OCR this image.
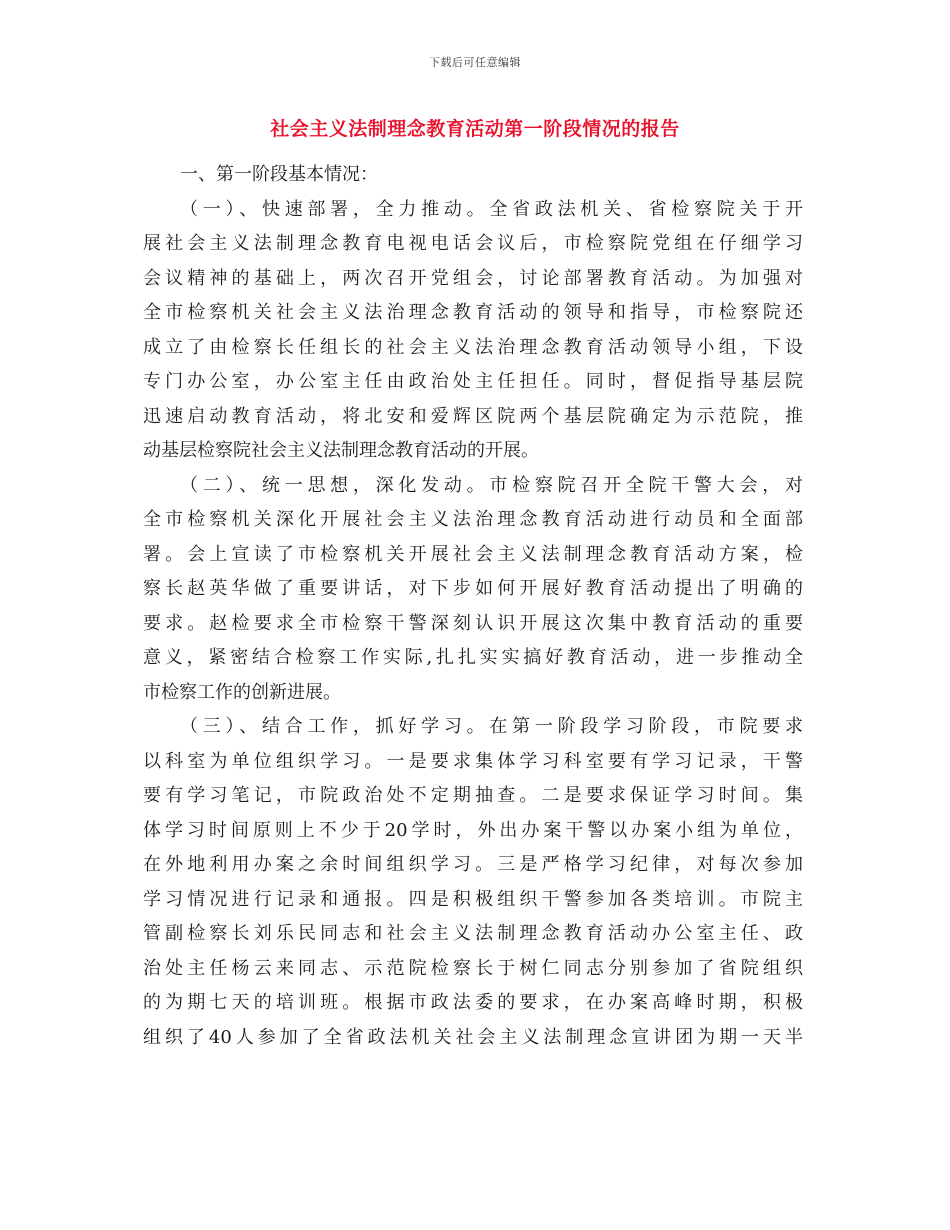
下载后可任意编辑
社会主义法制理念教育活动第一阶段情况的报告
一、第一阶段基本情况：
（一）、快速部署，全力推动。全省政法机关、省检察院关于开
展社会主义法制理念教育电视电话会议后，市检察院党组在仔细学习
会议精神的基础上，两次召开党组会，讨论部署教育活动。为加强对
全市检察机关社会主义法治理念教育活动的领导和指导，市检察院还
成立了由检察长任组长的社会主义法治理念教育活动领导小组，下设
专门办公室，办公室主任由政治处主任担任。同时，督促指导基层院
迅速启动教育活动，将北安和爱辉区院两个基层院确定为示范院，推
动基层检察院社会主义法制理念教育活动的开展。
（二）、统一思想，深化发动。市检察院召开全院干警大会，对
全市检察机关深化开展社会主义法治理念教育活动进行动员和全面部
署。会上宣读了市检察机关开展社会主义法制理念教育活动方案，检
察长赵英华做了重要讲话，对下步如何开展好教育活动提出了明确的
要求。赵检要求全市检察干警深刻认识开展这次集中教育活动的重要
意义，紧密结合检察工作实际,扎扎实实搞好教育活动，进一步推动全
市检察工作的创新进展。
（三）、结合工作，抓好学习。在第一阶段学习阶段，市院要求
以科室为单位组织学习。一是要求集体学习科室要有学习记录，干警
要有学习笔记，市院政治处不定期抽查。二是要求保证学习时间。集
体学习时间原则上不少于20学时，外出办案干警以办案小组为单位，
在外地利用办案之余时间组织学习。三是严格学习纪律，对每次参加
学习情况进行记录和通报。四是积极组织干警参加各类培训。市院主
管副检察长刘乐民同志和社会主义法制理念教育活动办公室主任、政
治处主任杨云来同志、示范院检察长于树仁同志分别参加了省院组织
的为期七天的培训班。根据市政法委的要求，在办案高峰时期，积极
组织了40人参加了全省政法机关社会主义法制理念宣讲团为期一天半
